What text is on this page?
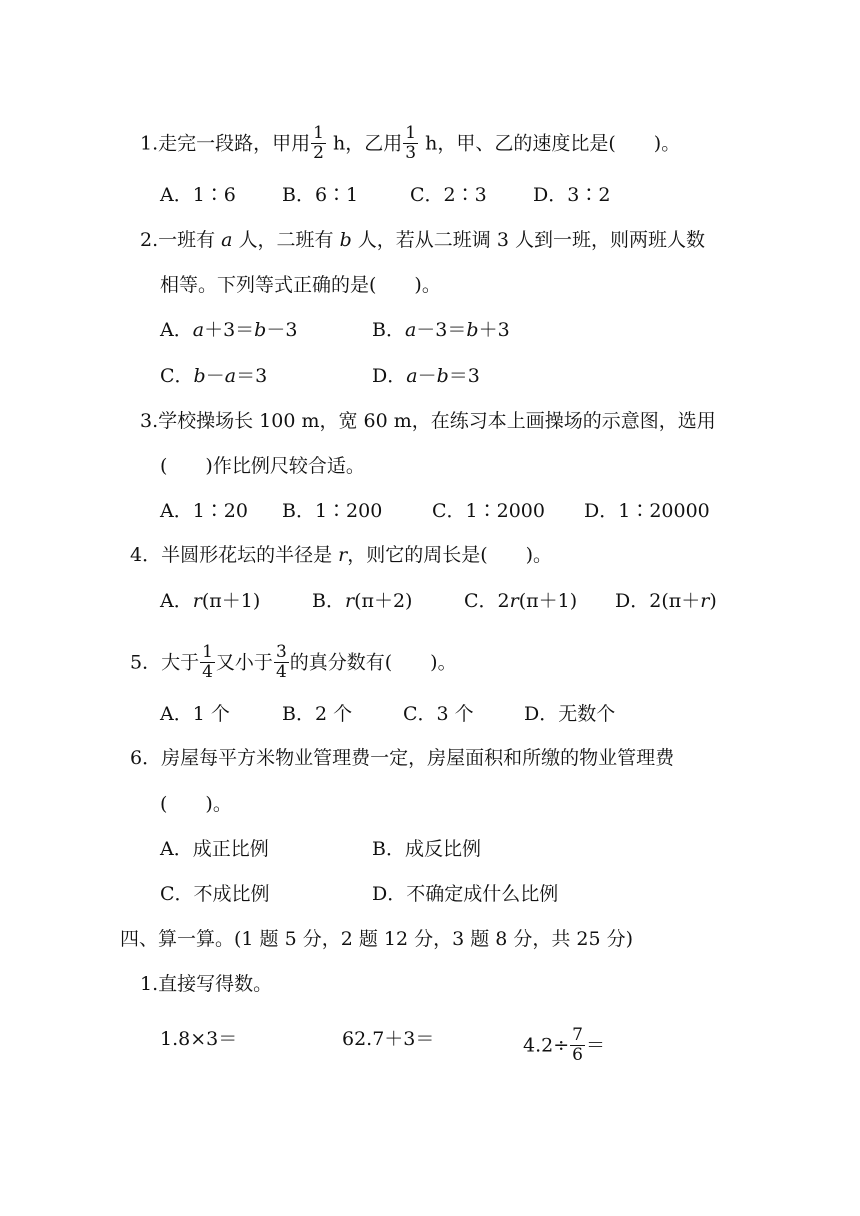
1.走完一段路，甲用 $\frac{1}{2}$ h，乙用 $\frac{1}{3}$ h，甲、乙的速度比是(　　)。
A．1∶6 B．6∶1	C．2∶3 D．3∶2
2.一班有 a 人，二班有 b 人，若从二班调 3 人到一班，则两班人数
相等。下列等式正确的是(　　)。
A．a＋3＝b－3	B．a－3＝b＋3
C．b－a＝3	D．a－b＝3
3.学校操场长 100 m，宽 60 m，在练习本上画操场的示意图，选用
(　　)作比例尺较合适。
A．1∶20 B．1∶200	C．1∶2000 D．1∶20000
4．半圆形花坛的半径是 r，则它的周长是(　　)。
A．r(π＋1)	B．r(π＋2)	C．2r(π＋1) D．2(π＋r)
5．大于 $\frac{1}{4}$ 又小于 $\frac{3}{4}$ 的真分数有(　　)。
A．1 个	B．2 个	C．3 个	D．无数个
6．房屋每平方米物业管理费一定，房屋面积和所缴的物业管理费
(　　)。
A．成正比例	B．成反比例
C．不成比例	D．不确定成什么比例
四、算一算。(1 题 5 分，2 题 12 分，3 题 8 分，共 25 分)
1.直接写得数。
1.8×3＝	62.7＋3＝	$4.2\div \frac{7}{6}$ ＝
